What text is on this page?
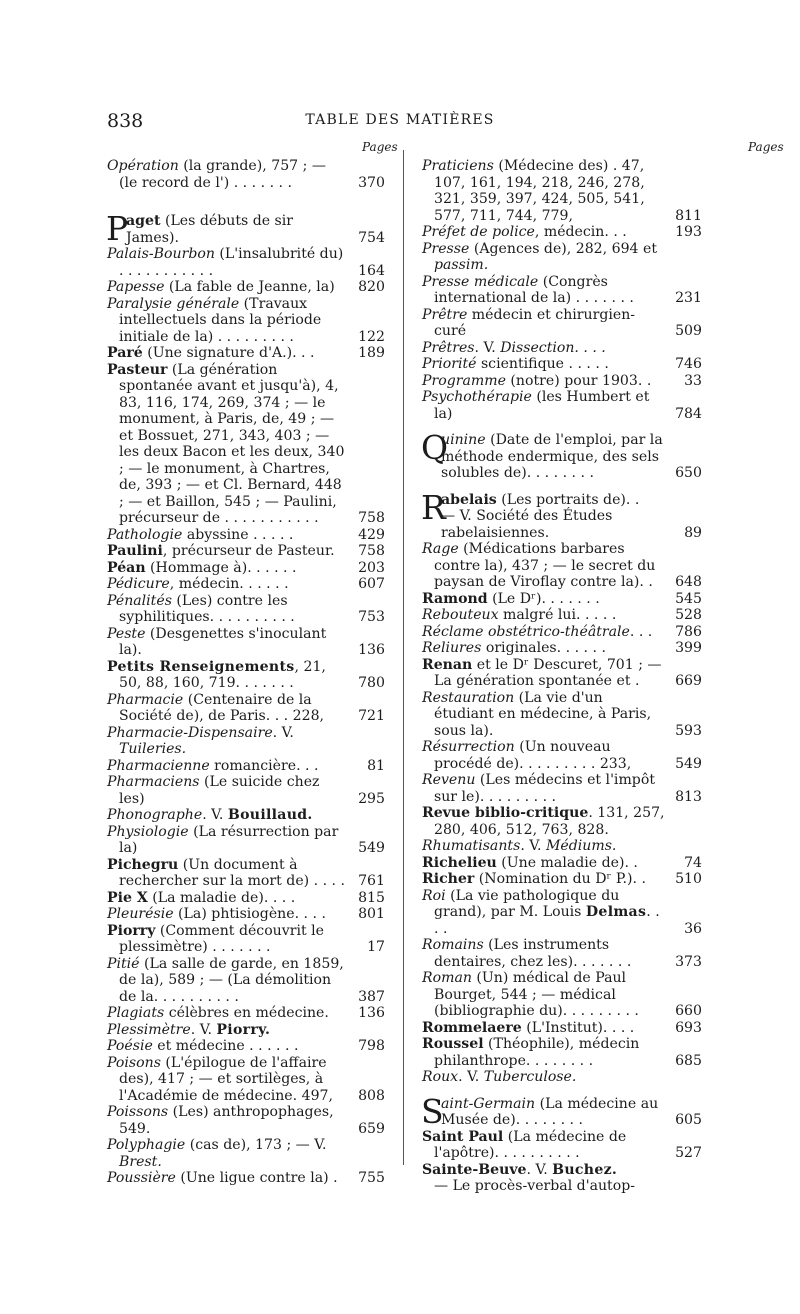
838	TABLE DES MATIÈRES
Pages	Pages

Opération (la grande), 757 ; — (le record de l') . . . . . . .	370

P
aget (Les débuts de sir James).	754

Palais-Bourbon (L'insalubrité du) . . . . . . . . . . .	164

Papesse (La fable de Jeanne, la) 820

Paralysie générale (Travaux intellectuels dans la période initiale de la) . . . . . . . . .	122

Paré (Une signature d'A.). . .	189

Pasteur (La génération spontanée avant et jusqu'à), 4, 83, 116, 174, 269, 374 ; — le monument, à Paris, de, 49 ; — et Bossuet, 271, 343, 403 ; — les deux Bacon et les deux, 340 ; — le monument, à Chartres, de, 393 ; — et Cl. Bernard, 448 ; — et Baillon, 545 ; — Paulini, précurseur de . . . . . . . . . . .	758

Pathologie abyssine . . . . .	429

Paulini, précurseur de Pasteur. 758

Péan (Hommage à). . . . . .	203

Pédicure, médecin. . . . . .	607

Pénalités (Les) contre les syphilitiques. . . . . . . . . .	753

Peste (Desgenettes s'inoculant la).	136

Petits Renseignements, 21, 50, 88, 160, 719. . . . . . .	780

Pharmacie (Centenaire de la Société de), de Paris. . . 228, 721

Pharmacie-Dispensaire. V. Tuileries.

Pharmacienne romancière. . .	81

Pharmaciens (Le suicide chez les)	295

Phonographe. V. Bouillaud.

Physiologie (La résurrection par la)	549

Pichegru (Un document à rechercher sur la mort de) . . . . 761

Pie X (La maladie de). . . .	815

Pleurésie (La) phtisiogène. . . . 801

Piorry (Comment découvrit le plessimètre) . . . . . . .	17

Pitié (La salle de garde, en 1859, de la), 589 ; — (La démolition de la. . . . . . . . . .	387

Plagiats célèbres en médecine. 136

Plessimètre. V. Piorry.

Poésie et médecine . . . . . .	798

Poisons (L'épilogue de l'affaire des), 417 ; — et sortilèges, à l'Académie de médecine. 497, 808

Poissons (Les) anthropophages, 549.	659

Polyphagie (cas de), 173 ; — V. Brest.

Poussière (Une ligue contre la) . 755

Praticiens (Médecine des) . 47, 107, 161, 194, 218, 246, 278, 321, 359, 397, 424, 505, 541, 577, 711, 744, 779,	811

Préfet de police, médecin. . .	193

Presse (Agences de), 282, 694 et passim.

Presse médicale (Congrès international de la) . . . . . . .	231

Prêtre médecin et chirurgien-curé	509

Prêtres. V. Dissection. . . .

Priorité scientifique . . . . .	746

Programme (notre) pour 1903. . 33

Psychothérapie (les Humbert et la)	784

Q
uinine (Date de l'emploi, par la méthode endermique, des sels solubles de). . . . . . . .	650

R
abelais (Les portraits de). .
89

— V. Société des Études rabelaisiennes.

Rage (Médications barbares contre la), 437 ; — le secret du paysan de Viroflay contre la). . 648

Ramond (Le Dʳ). . . . . . .	545

Rebouteux malgré lui. . . . .	528

Réclame obstétrico-théâtrale. . . 786

Reliures originales. . . . . .	399

Renan et le Dʳ Descuret, 701 ; — La génération spontanée et .	669

Restauration (La vie d'un étudiant en médecine, à Paris, sous la).	593

Résurrection (Un nouveau procédé de). . . . . . . . . 233,	549

Revenu (Les médecins et l'impôt sur le). . . . . . . . .	813

Revue biblio-critique. 131, 257, 280, 406, 512, 763, 828.

Rhumatisants. V. Médiums.

Richelieu (Une maladie de). .	74

Richer (Nomination du Dʳ P.). . 510

Roi (La vie pathologique du grand), par M. Louis Delmas. . . .	36

Romains (Les instruments dentaires, chez les). . . . . . .	373

Roman (Un) médical de Paul Bourget, 544 ; — médical (bibliographie du). . . . . . . . .	660

Rommelaere (L'Institut). . . .	693

Roussel (Théophile), médecin philanthrope. . . . . . . .	685

Roux. V. Tuberculose.

S
aint-Germain (La médecine au Musée de). . . . . . . .	605

Saint Paul (La médecine de l'apôtre). . . . . . . . . .	527

Sainte-Beuve. V. Buchez.

— Le procès-verbal d'autop-
